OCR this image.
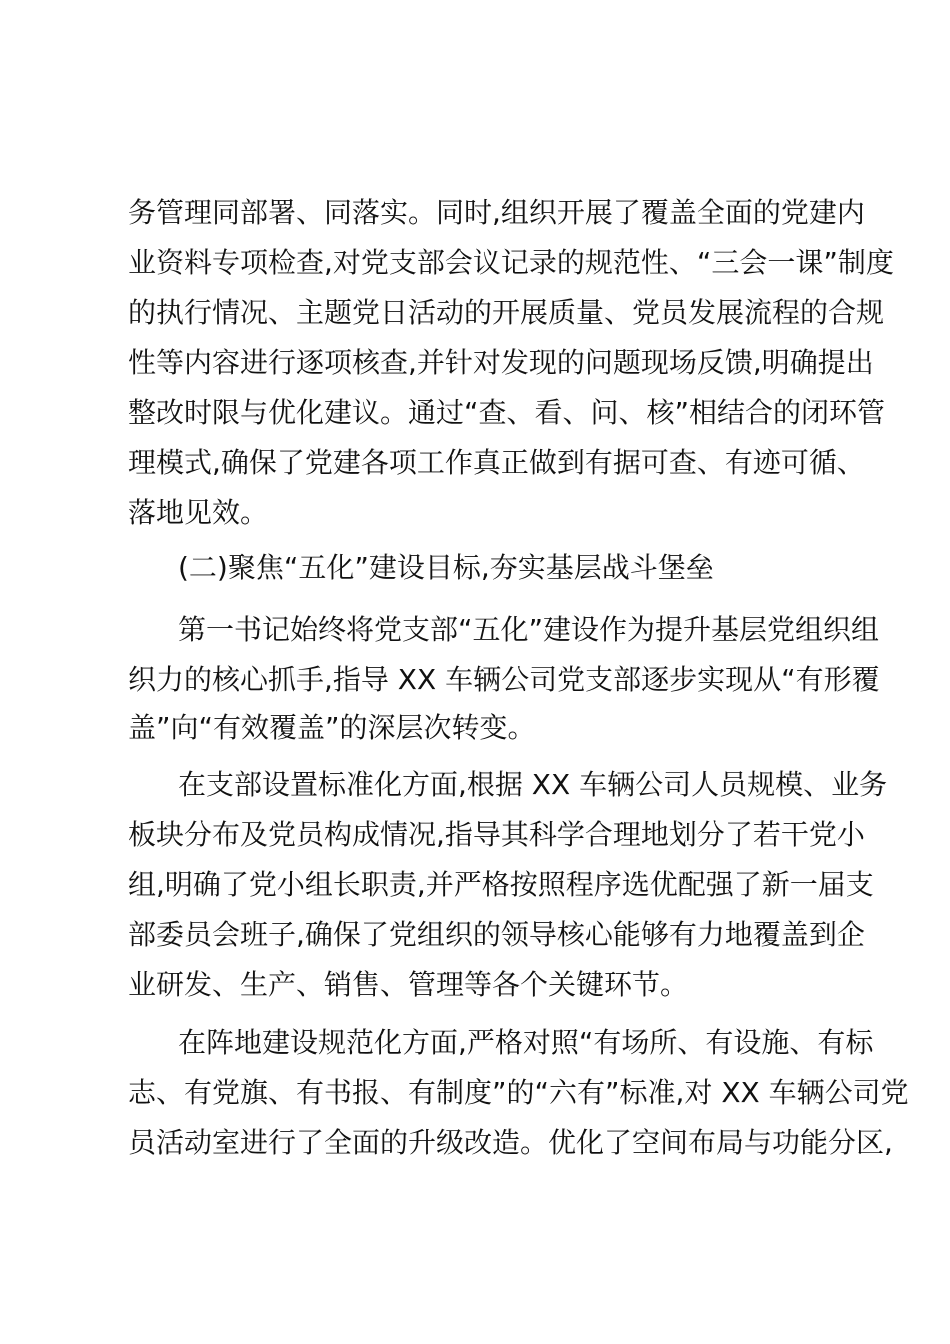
务管理同部署、同落实。同时,组织开展了覆盖全面的党建内
业资料专项检查,对党支部会议记录的规范性、“三会一课”制度
的执行情况、主题党日活动的开展质量、党员发展流程的合规
性等内容进行逐项核查,并针对发现的问题现场反馈,明确提出
整改时限与优化建议。通过“查、看、问、核”相结合的闭环管
理模式,确保了党建各项工作真正做到有据可查、有迹可循、
落地见效。
(二)聚焦“五化”建设目标,夯实基层战斗堡垒
第一书记始终将党支部“五化”建设作为提升基层党组织组
织力的核心抓手,指导 XX 车辆公司党支部逐步实现从“有形覆
盖”向“有效覆盖”的深层次转变。
在支部设置标准化方面,根据 XX 车辆公司人员规模、业务
板块分布及党员构成情况,指导其科学合理地划分了若干党小
组,明确了党小组长职责,并严格按照程序选优配强了新一届支
部委员会班子,确保了党组织的领导核心能够有力地覆盖到企
业研发、生产、销售、管理等各个关键环节。
在阵地建设规范化方面,严格对照“有场所、有设施、有标
志、有党旗、有书报、有制度”的“六有”标准,对 XX 车辆公司党
员活动室进行了全面的升级改造。优化了空间布局与功能分区,
